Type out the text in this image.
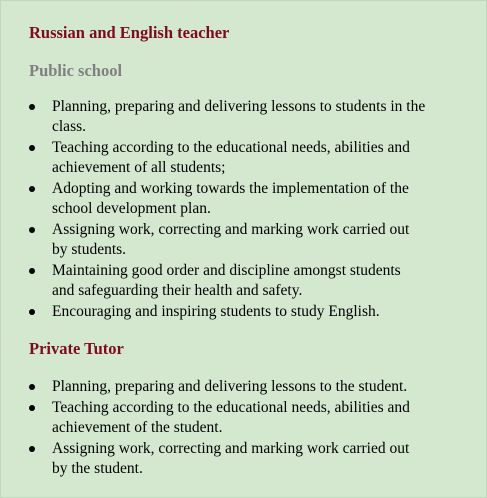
Russian and English teacher
Public school
Planning, preparing and delivering lessons to students in the
class.
Teaching according to the educational needs, abilities and
achievement of all students;
Adopting and working towards the implementation of the
school development plan.
Assigning work, correcting and marking work carried out
by students.
Maintaining good order and discipline amongst students
and safeguarding their health and safety.
Encouraging and inspiring students to study English.
Private Tutor
Planning, preparing and delivering lessons to the student.
Teaching according to the educational needs, abilities and
achievement of the student.
Assigning work, correcting and marking work carried out
by the student.
